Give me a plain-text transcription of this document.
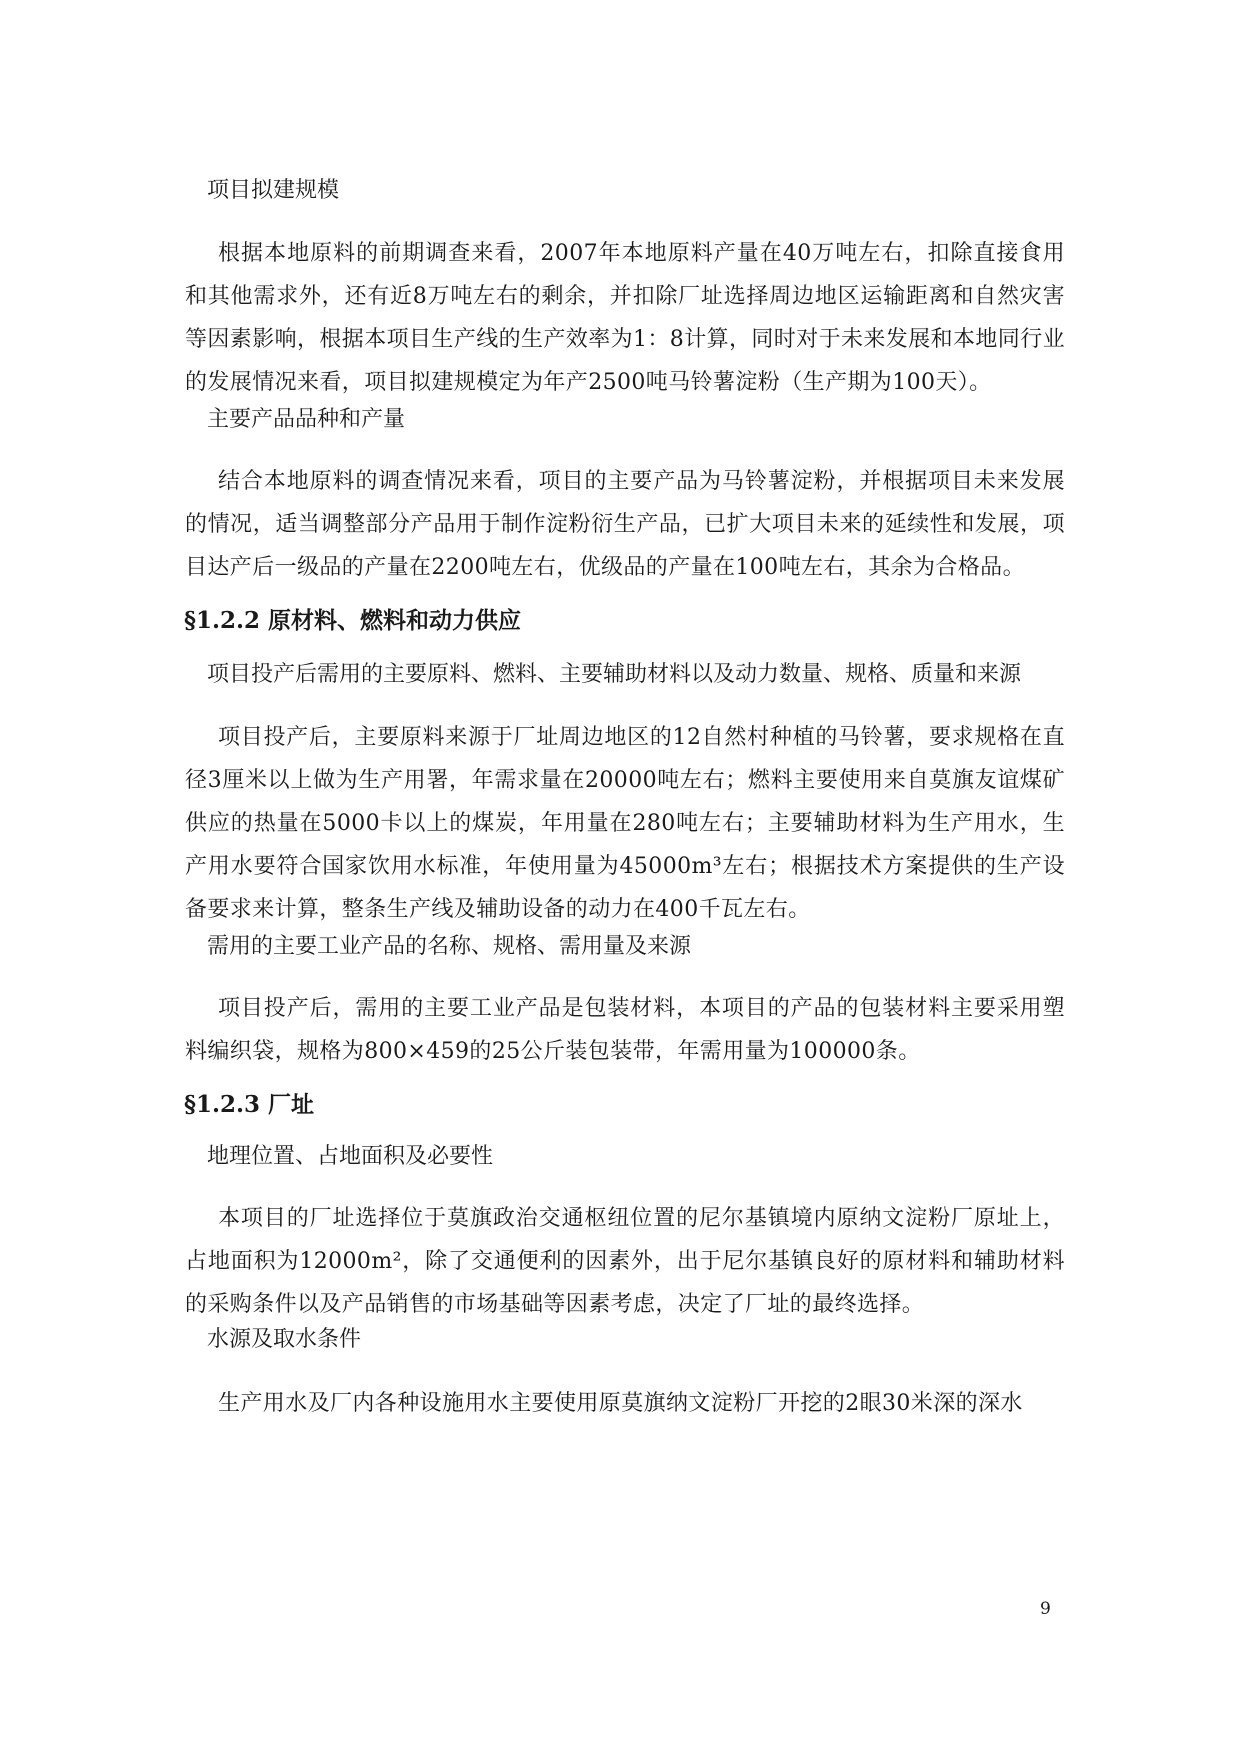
项目拟建规模

根据本地原料的前期调查来看，2007年本地原料产量在40万吨左右，扣除直接食用和其他需求外，还有近8万吨左右的剩余，并扣除厂址选择周边地区运输距离和自然灾害等因素影响，根据本项目生产线的生产效率为1：8计算，同时对于未来发展和本地同行业的发展情况来看，项目拟建规模定为年产2500吨马铃薯淀粉（生产期为100天）。

主要产品品种和产量

结合本地原料的调查情况来看，项目的主要产品为马铃薯淀粉，并根据项目未来发展的情况，适当调整部分产品用于制作淀粉衍生产品，已扩大项目未来的延续性和发展，项目达产后一级品的产量在2200吨左右，优级品的产量在100吨左右，其余为合格品。

§1.2.2 原材料、燃料和动力供应

项目投产后需用的主要原料、燃料、主要辅助材料以及动力数量、规格、质量和来源

项目投产后，主要原料来源于厂址周边地区的12自然村种植的马铃薯，要求规格在直径3厘米以上做为生产用署，年需求量在20000吨左右；燃料主要使用来自莫旗友谊煤矿供应的热量在5000卡以上的煤炭，年用量在280吨左右；主要辅助材料为生产用水，生产用水要符合国家饮用水标准，年使用量为45000m³左右；根据技术方案提供的生产设备要求来计算，整条生产线及辅助设备的动力在400千瓦左右。

需用的主要工业产品的名称、规格、需用量及来源

项目投产后，需用的主要工业产品是包装材料，本项目的产品的包装材料主要采用塑料编织袋，规格为800×459的25公斤装包装带，年需用量为100000条。

§1.2.3 厂址

地理位置、占地面积及必要性

本项目的厂址选择位于莫旗政治交通枢纽位置的尼尔基镇境内原纳文淀粉厂原址上，占地面积为12000m²，除了交通便利的因素外，出于尼尔基镇良好的原材料和辅助材料的采购条件以及产品销售的市场基础等因素考虑，决定了厂址的最终选择。

水源及取水条件

生产用水及厂内各种设施用水主要使用原莫旗纳文淀粉厂开挖的2眼30米深的深水

9
